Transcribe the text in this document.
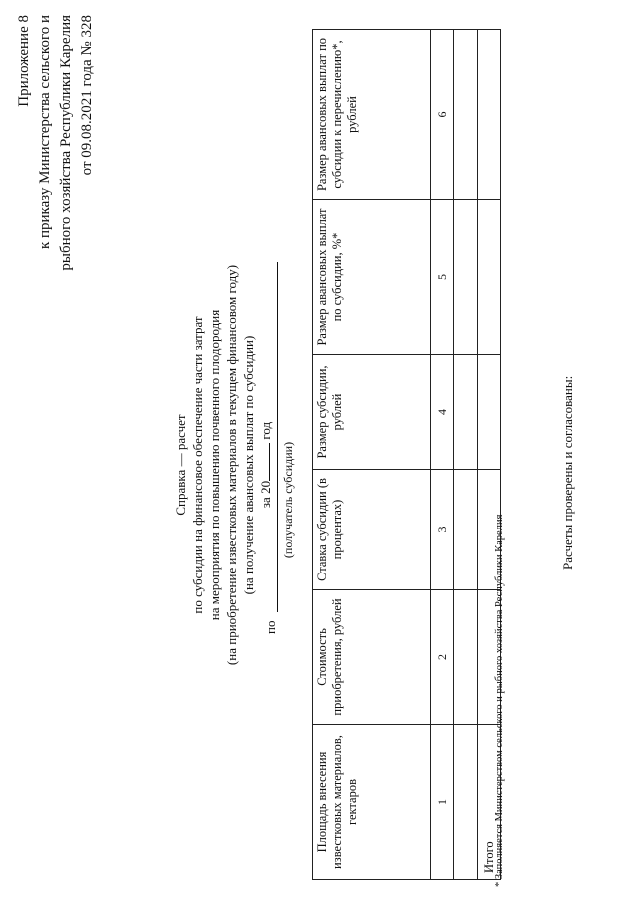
Приложение 8 к приказу Министерства сельского и рыбного хозяйства Республики Карелия от 09.08.2021 года № 328
Справка — расчет по субсидии на финансовое обеспечение части затрат на мероприятия по повышению почвенного плодородия (на приобретение известковых материалов в текущем финансовом году) (на получение авансовых выплат по субсидии) за 20 год
по
(получатель субсидии)
Площадь внесения известковых материалов, гектаров	Стоимость приобретения, рублей	Ставка субсидии (в процентах)	Размер субсидии, рублей	Размер авансовых выплат по субсидии, %*	Размер авансовых выплат по субсидии к перечислению*, рублей
1	2	3	4	5	6

Итого					
* Заполняется Министерством сельского и рыбного хозяйства Республики Карелия
Расчеты проверены и согласованы:
